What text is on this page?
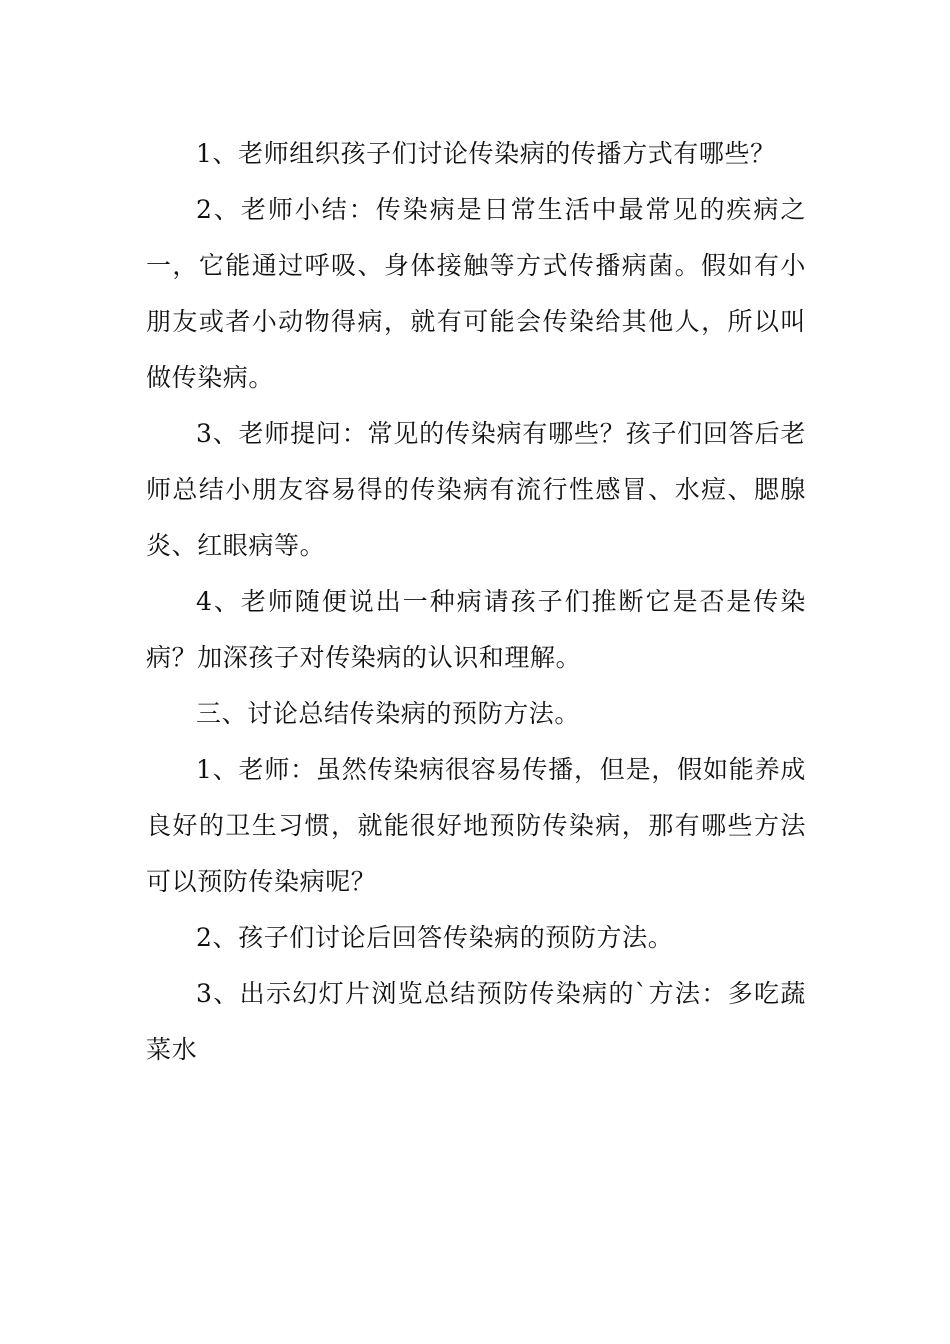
1、老师组织孩子们讨论传染病的传播方式有哪些？

2、老师小结：传染病是日常生活中最常见的疾病之一，它能通过呼吸、身体接触等方式传播病菌。假如有小朋友或者小动物得病，就有可能会传染给其他人，所以叫做传染病。

3、老师提问：常见的传染病有哪些？孩子们回答后老师总结小朋友容易得的传染病有流行性感冒、水痘、腮腺炎、红眼病等。

4、老师随便说出一种病请孩子们推断它是否是传染病？加深孩子对传染病的认识和理解。

三、讨论总结传染病的预防方法。

1、老师：虽然传染病很容易传播，但是，假如能养成良好的卫生习惯，就能很好地预防传染病，那有哪些方法可以预防传染病呢？

2、孩子们讨论后回答传染病的预防方法。

3、出示幻灯片浏览总结预防传染病的`方法：多吃蔬菜水
